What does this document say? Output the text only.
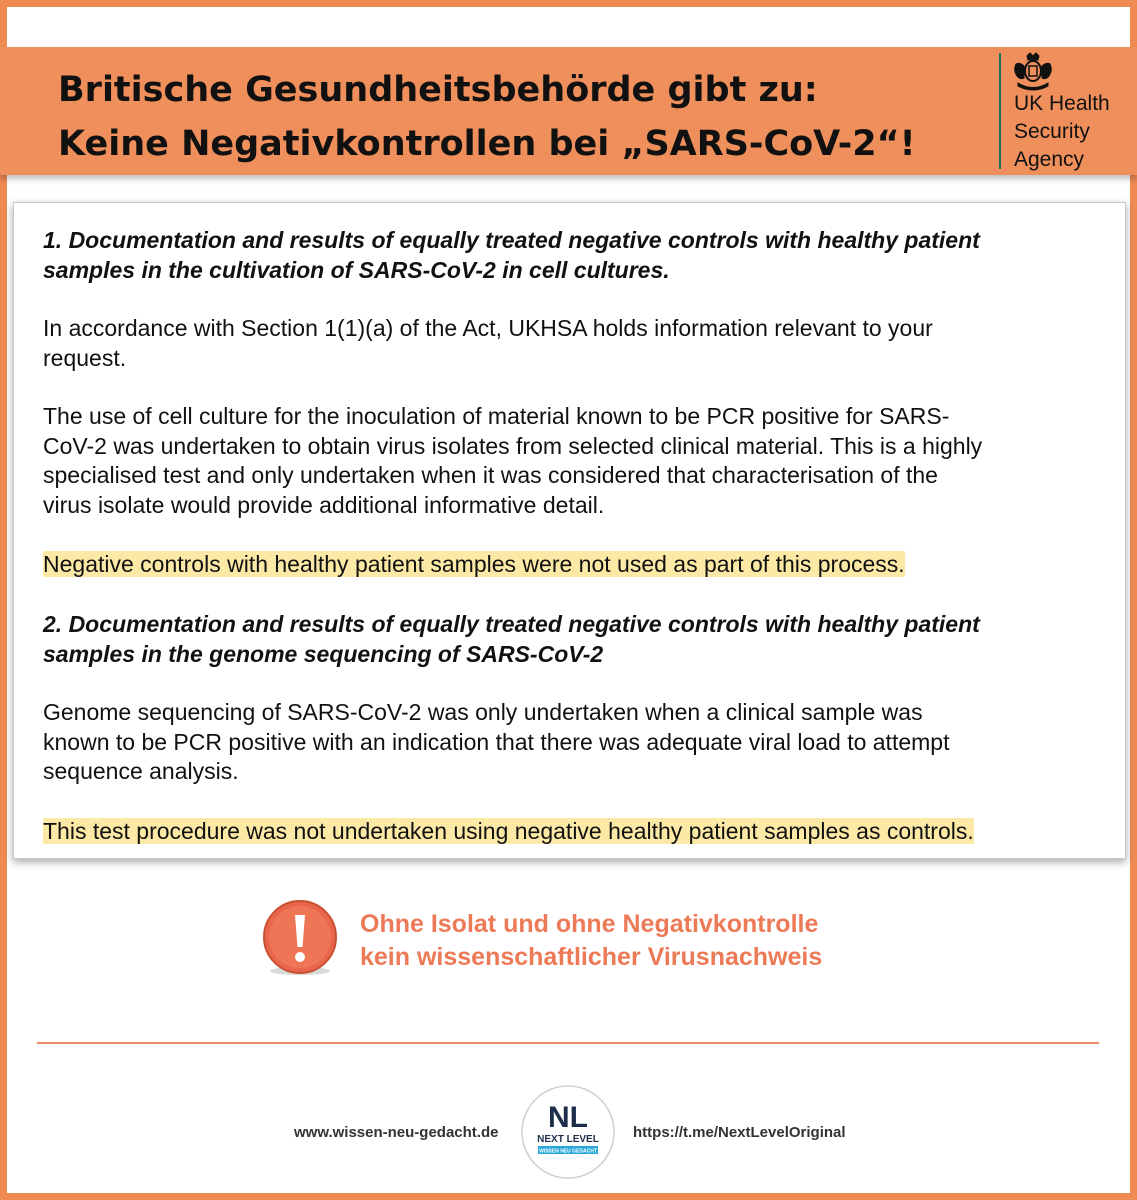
Britische Gesundheitsbehörde gibt zu:
Keine Negativkontrollen bei „SARS-CoV-2“!
UK Health
Security
Agency
1. Documentation and results of equally treated negative controls with healthy patient
samples in the cultivation of SARS-CoV-2 in cell cultures.
In accordance with Section 1(1)(a) of the Act, UKHSA holds information relevant to your
request.
The use of cell culture for the inoculation of material known to be PCR positive for SARS-
CoV-2 was undertaken to obtain virus isolates from selected clinical material. This is a highly
specialised test and only undertaken when it was considered that characterisation of the
virus isolate would provide additional informative detail.
Negative controls with healthy patient samples were not used as part of this process.
2. Documentation and results of equally treated negative controls with healthy patient
samples in the genome sequencing of SARS-CoV-2
Genome sequencing of SARS-CoV-2 was only undertaken when a clinical sample was
known to be PCR positive with an indication that there was adequate viral load to attempt
sequence analysis.
This test procedure was not undertaken using negative healthy patient samples as controls.
Ohne Isolat und ohne Negativkontrolle
kein wissenschaftlicher Virusnachweis
www.wissen-neu-gedacht.de NL
NEXT LEVEL
WISSEN NEU GEDACHT
https://t.me/NextLevelOriginal
